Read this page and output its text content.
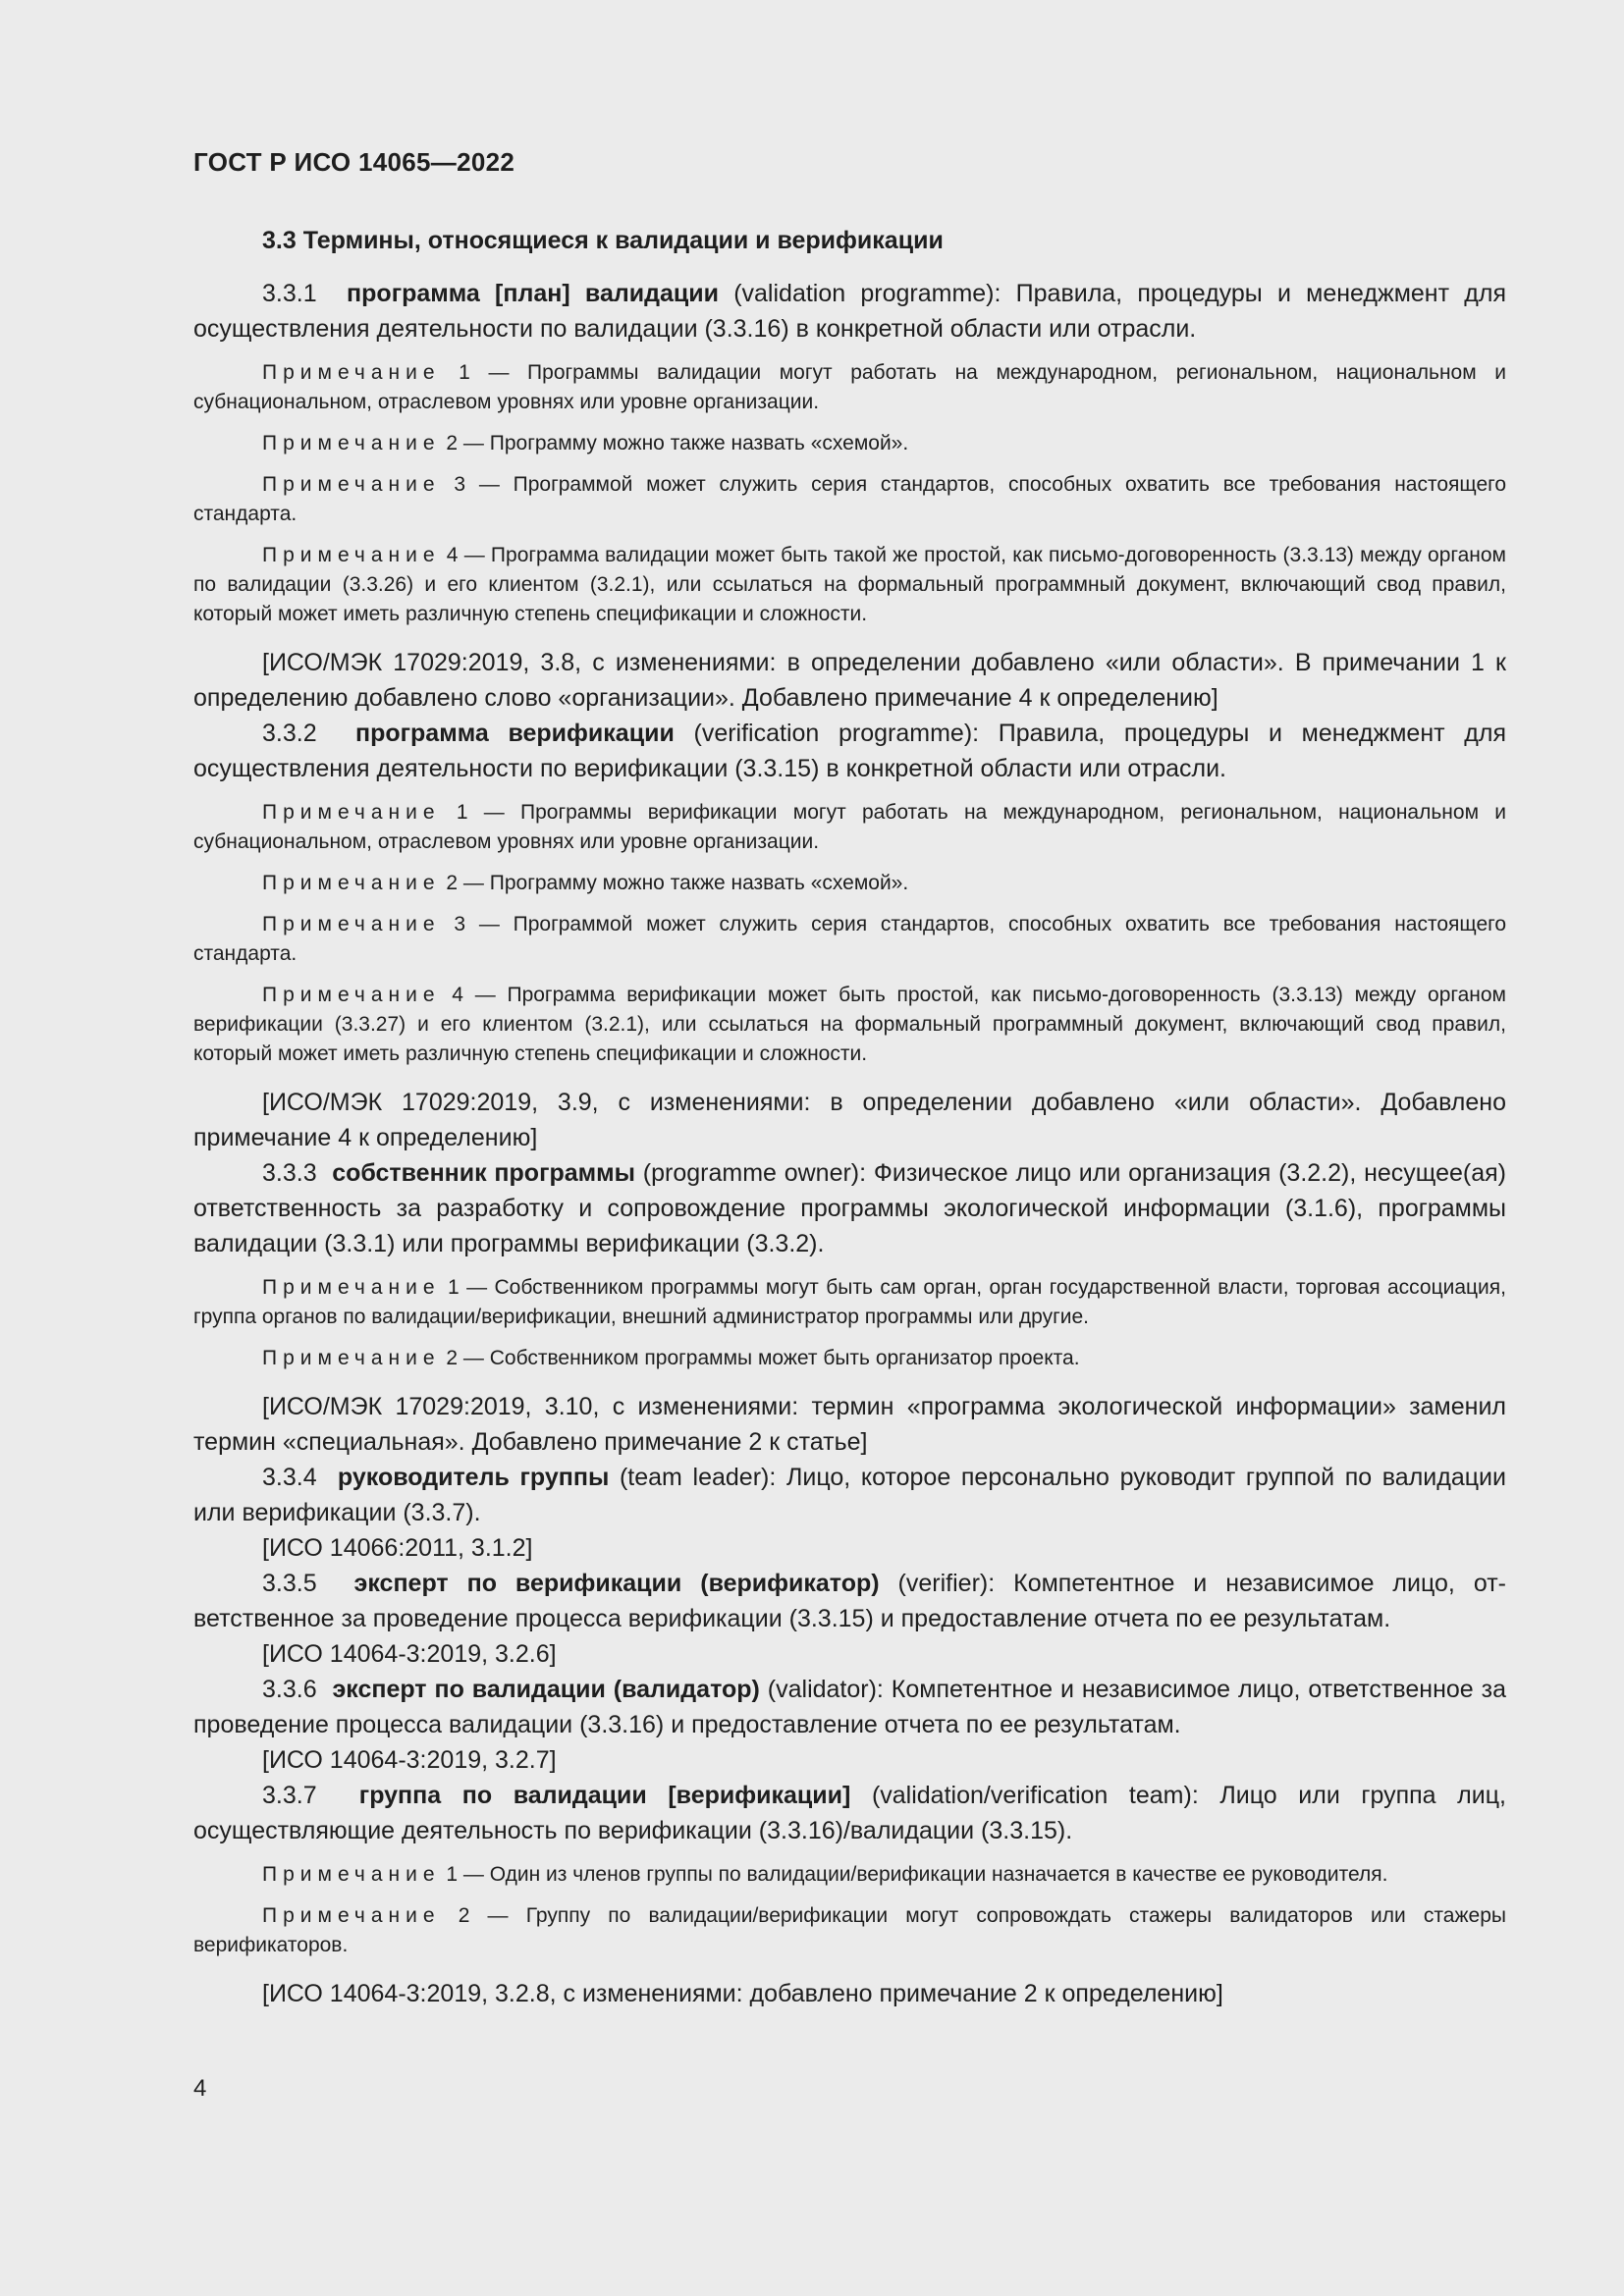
ГОСТ Р ИСО 14065—2022
3.3 Термины, относящиеся к валидации и верификации

3.3.1 программа [план] валидации (validation programme): Правила, процедуры и менеджмент для осуществления деятельности по валидации (3.3.16) в конкретной области или отрасли.

Примечание 1 — Программы валидации могут работать на международном, региональном, национальном и субнациональном, отраслевом уровнях или уровне организации.

Примечание 2 — Программу можно также назвать «схемой».

Примечание 3 — Программой может служить серия стандартов, способных охватить все требования настоящего стандарта.

Примечание 4 — Программа валидации может быть такой же простой, как письмо-договоренность (3.3.13) между органом по валидации (3.3.26) и его клиентом (3.2.1), или ссылаться на формальный программный документ, включающий свод правил, который может иметь различную степень спецификации и сложности.

[ИСО/МЭК 17029:2019, 3.8, с изменениями: в определении добавлено «или области». В примечании 1 к определению добавлено слово «организации». Добавлено примечание 4 к определению]

3.3.2 программа верификации (verification programme): Правила, процедуры и менеджмент для осуществления деятельности по верификации (3.3.15) в конкретной области или отрасли.

Примечание 1 — Программы верификации могут работать на международном, региональном, национальном и субнациональном, отраслевом уровнях или уровне организации.

Примечание 2 — Программу можно также назвать «схемой».

Примечание 3 — Программой может служить серия стандартов, способных охватить все требования настоящего стандарта.

Примечание 4 — Программа верификации может быть простой, как письмо-договоренность (3.3.13) между органом верификации (3.3.27) и его клиентом (3.2.1), или ссылаться на формальный программный документ, включающий свод правил, который может иметь различную степень спецификации и сложности.

[ИСО/МЭК 17029:2019, 3.9, с изменениями: в определении добавлено «или области». Добавлено примечание 4 к определению]

3.3.3 собственник программы (programme owner): Физическое лицо или организация (3.2.2), несущее(ая) ответственность за разработку и сопровождение программы экологической информации (3.1.6), программы валидации (3.3.1) или программы верификации (3.3.2).

Примечание 1 — Собственником программы могут быть сам орган, орган государственной власти, торговая ассоциация, группа органов по валидации/верификации, внешний администратор программы или другие.

Примечание 2 — Собственником программы может быть организатор проекта.

[ИСО/МЭК 17029:2019, 3.10, с изменениями: термин «программа экологической информации» заменил термин «специальная». Добавлено примечание 2 к статье]

3.3.4 руководитель группы (team leader): Лицо, которое персонально руководит группой по валидации или верификации (3.3.7).

[ИСО 14066:2011, 3.1.2]

3.3.5 эксперт по верификации (верификатор) (verifier): Компетентное и независимое лицо, ответственное за проведение процесса верификации (3.3.15) и предоставление отчета по ее результатам.

[ИСО 14064-3:2019, 3.2.6]

3.3.6 эксперт по валидации (валидатор) (validator): Компетентное и независимое лицо, ответственное за проведение процесса валидации (3.3.16) и предоставление отчета по ее результатам.

[ИСО 14064-3:2019, 3.2.7]

3.3.7 группа по валидации [верификации] (validation/verification team): Лицо или группа лиц, осуществляющие деятельность по верификации (3.3.16)/валидации (3.3.15).

Примечание 1 — Один из членов группы по валидации/верификации назначается в качестве ее руководителя.

Примечание 2 — Группу по валидации/верификации могут сопровождать стажеры валидаторов или стажеры верификаторов.

[ИСО 14064-3:2019, 3.2.8, с изменениями: добавлено примечание 2 к определению]

4
